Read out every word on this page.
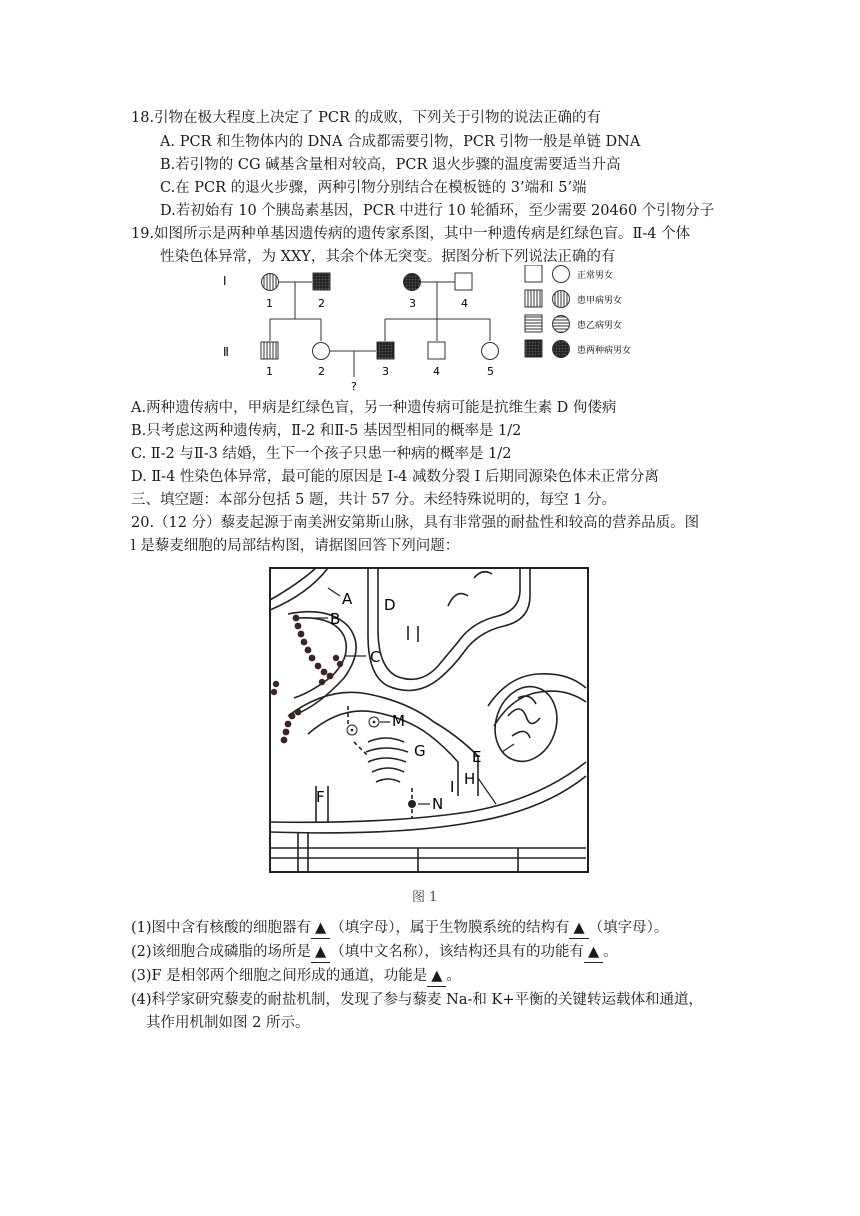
18.引物在极大程度上决定了 PCR 的成败，下列关于引物的说法正确的有
A. PCR 和生物体内的 DNA 合成都需要引物，PCR 引物一般是单链 DNA
B.若引物的 CG 碱基含量相对较高，PCR 退火步骤的温度需要适当升高
C.在 PCR 的退火步骤，两种引物分别结合在模板链的 3’端和 5’端
D.若初始有 10 个胰岛素基因，PCR 中进行 10 轮循环，至少需要 20460 个引物分子
19.如图所示是两种单基因遗传病的遗传家系图，其中一种遗传病是红绿色盲。Ⅱ-4 个体
性染色体异常，为 XXY，其余个体无突变。据图分析下列说法正确的有
Ⅰ
Ⅱ
1	2	3	4
?
1	2	3	4	5
正常男女
患甲病男女
患乙病男女
患两种病男女
A.两种遗传病中，甲病是红绿色盲，另一种遗传病可能是抗维生素 D 佝偻病
B.只考虑这两种遗传病，Ⅱ-2 和Ⅱ-5 基因型相同的概率是 1/2
C. Ⅱ-2 与Ⅱ-3 结婚，生下一个孩子只患一种病的概率是 1/2
D. Ⅱ-4 性染色体异常，最可能的原因是 I-4 减数分裂 I 后期同源染色体未正常分离
三、填空题：本部分包括 5 题，共计 57 分。未经特殊说明的，每空 1 分。
20.（12 分）藜麦起源于南美洲安第斯山脉，具有非常强的耐盐性和较高的营养品质。图
l 是藜麦细胞的局部结构图，请据图回答下列问题：
A
B
C
D
E
F
G
H
I
M
N
图 1
(1)图中含有核酸的细胞器有 ▲ （填字母），属于生物膜系统的结构有 ▲ （填字母）。
(2)该细胞合成磷脂的场所是 ▲ （填中文名称），该结构还具有的功能有 ▲ 。
(3)F 是相邻两个细胞之间形成的通道，功能是 ▲ 。
(4)科学家研究藜麦的耐盐机制，发现了参与藜麦 Na-和 K+平衡的关键转运载体和通道，
其作用机制如图 2 所示。
